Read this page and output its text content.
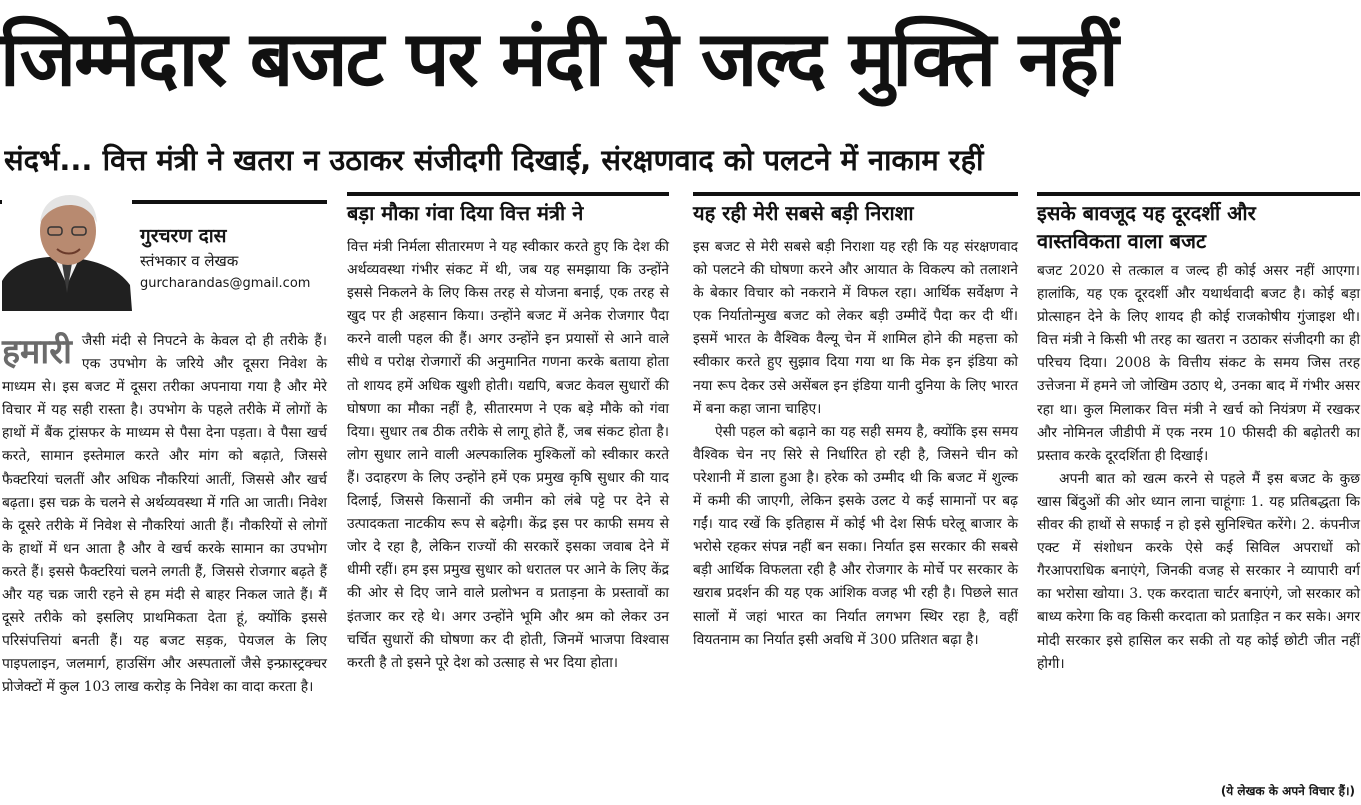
जिम्मेदार बजट पर मंदी से जल्द मुक्ति नहीं
संदर्भ... वित्त मंत्री ने खतरा न उठाकर संजीदगी दिखाई, संरक्षणवाद को पलटने में नाकाम रहीं
गुरचरण दास
स्तंभकार व लेखक
gurcharandas@gmail.com
हमारी जैसी मंदी से निपटने के केवल दो ही तरीके हैं। एक उपभोग के जरिये और दूसरा निवेश के माध्यम से। इस बजट में दूसरा तरीका अपनाया गया है और मेरे विचार में यह सही रास्ता है। उपभोग के पहले तरीके में लोगों के हाथों में बैंक ट्रांसफर के माध्यम से पैसा देना पड़ता। वे पैसा खर्च करते, सामान इस्तेमाल करते और मांग को बढ़ाते, जिससे फैक्टरियां चलतीं और अधिक नौकरियां आतीं, जिससे और खर्च बढ़ता। इस चक्र के चलने से अर्थव्यवस्था में गति आ जाती। निवेश के दूसरे तरीके में निवेश से नौकरियां आती हैं। नौकरियों से लोगों के हाथों में धन आता है और वे खर्च करके सामान का उपभोग करते हैं। इससे फैक्टरियां चलने लगती हैं, जिससे रोजगार बढ़ते हैं और यह चक्र जारी रहने से हम मंदी से बाहर निकल जाते हैं। मैं दूसरे तरीके को इसलिए प्राथमिकता देता हूं, क्योंकि इससे परिसंपत्तियां बनती हैं। यह बजट सड़क, पेयजल के लिए पाइपलाइन, जलमार्ग, हाउसिंग और अस्पतालों जैसे इन्फ्रास्ट्रक्चर प्रोजेक्टों में कुल 103 लाख करोड़ के निवेश का वादा करता है।
बड़ा मौका गंवा दिया वित्त मंत्री ने

वित्त मंत्री निर्मला सीतारमण ने यह स्वीकार करते हुए कि देश की अर्थव्यवस्था गंभीर संकट में थी, जब यह समझाया कि उन्होंने इससे निकलने के लिए किस तरह से योजना बनाई, एक तरह से खुद पर ही अहसान किया। उन्होंने बजट में अनेक रोजगार पैदा करने वाली पहल की हैं। अगर उन्होंने इन प्रयासों से आने वाले सीधे व परोक्ष रोजगारों की अनुमानित गणना करके बताया होता तो शायद हमें अधिक खुशी होती। यद्यपि, बजट केवल सुधारों की घोषणा का मौका नहीं है, सीतारमण ने एक बड़े मौके को गंवा दिया। सुधार तब ठीक तरीके से लागू होते हैं, जब संकट होता है। लोग सुधार लाने वाली अल्पकालिक मुश्किलों को स्वीकार करते हैं। उदाहरण के लिए उन्होंने हमें एक प्रमुख कृषि सुधार की याद दिलाई, जिससे किसानों की जमीन को लंबे पट्टे पर देने से उत्पादकता नाटकीय रूप से बढ़ेगी। केंद्र इस पर काफी समय से जोर दे रहा है, लेकिन राज्यों की सरकारें इसका जवाब देने में धीमी रहीं। हम इस प्रमुख सुधार को धरातल पर आने के लिए केंद्र की ओर से दिए जाने वाले प्रलोभन व प्रताड़ना के प्रस्तावों का इंतजार कर रहे थे। अगर उन्होंने भूमि और श्रम को लेकर उन चर्चित सुधारों की घोषणा कर दी होती, जिनमें भाजपा विश्वास करती है तो इसने पूरे देश को उत्साह से भर दिया होता।

यह रही मेरी सबसे बड़ी निराशा

इस बजट से मेरी सबसे बड़ी निराशा यह रही कि यह संरक्षणवाद को पलटने की घोषणा करने और आयात के विकल्प को तलाशने के बेकार विचार को नकराने में विफल रहा। आर्थिक सर्वेक्षण ने एक निर्यातोन्मुख बजट को लेकर बड़ी उम्मीदें पैदा कर दी थीं। इसमें भारत के वैश्विक वैल्यू चेन में शामिल होने की महत्ता को स्वीकार करते हुए सुझाव दिया गया था कि मेक इन इंडिया को नया रूप देकर उसे असेंबल इन इंडिया यानी दुनिया के लिए भारत में बना कहा जाना चाहिए।

ऐसी पहल को बढ़ाने का यह सही समय है, क्योंकि इस समय वैश्विक चेन नए सिरे से निर्धारित हो रही है, जिसने चीन को परेशानी में डाला हुआ है। हरेक को उम्मीद थी कि बजट में शुल्क में कमी की जाएगी, लेकिन इसके उलट ये कई सामानों पर बढ़ गईं। याद रखें कि इतिहास में कोई भी देश सिर्फ घरेलू बाजार के भरोसे रहकर संपन्न नहीं बन सका। निर्यात इस सरकार की सबसे बड़ी आर्थिक विफलता रही है और रोजगार के मोर्चे पर सरकार के खराब प्रदर्शन की यह एक आंशिक वजह भी रही है। पिछले सात सालों में जहां भारत का निर्यात लगभग स्थिर रहा है, वहीं वियतनाम का निर्यात इसी अवधि में 300 प्रतिशत बढ़ा है।

इसके बावजूद यह दूरदर्शी और
वास्तविकता वाला बजट

बजट 2020 से तत्काल व जल्द ही कोई असर नहीं आएगा। हालांकि, यह एक दूरदर्शी और यथार्थवादी बजट है। कोई बड़ा प्रोत्साहन देने के लिए शायद ही कोई राजकोषीय गुंजाइश थी। वित्त मंत्री ने किसी भी तरह का खतरा न उठाकर संजीदगी का ही परिचय दिया। 2008 के वित्तीय संकट के समय जिस तरह उत्तेजना में हमने जो जोखिम उठाए थे, उनका बाद में गंभीर असर रहा था। कुल मिलाकर वित्त मंत्री ने खर्च को नियंत्रण में रखकर और नोमिनल जीडीपी में एक नरम 10 फीसदी की बढ़ोतरी का प्रस्ताव करके दूरदर्शिता ही दिखाई।

अपनी बात को खत्म करने से पहले मैं इस बजट के कुछ खास बिंदुओं की ओर ध्यान लाना चाहूंगाः 1. यह प्रतिबद्धता कि सीवर की हाथों से सफाई न हो इसे सुनिश्चित करेंगे। 2. कंपनीज एक्ट में संशोधन करके ऐसे कई सिविल अपराधों को गैरआपराधिक बनाएंगे, जिनकी वजह से सरकार ने व्यापारी वर्ग का भरोसा खोया। 3. एक करदाता चार्टर बनाएंगे, जो सरकार को बाध्य करेगा कि वह किसी करदाता को प्रताड़ित न कर सके। अगर मोदी सरकार इसे हासिल कर सकी तो यह कोई छोटी जीत नहीं होगी।

(ये लेखक के अपने विचार हैं।)
